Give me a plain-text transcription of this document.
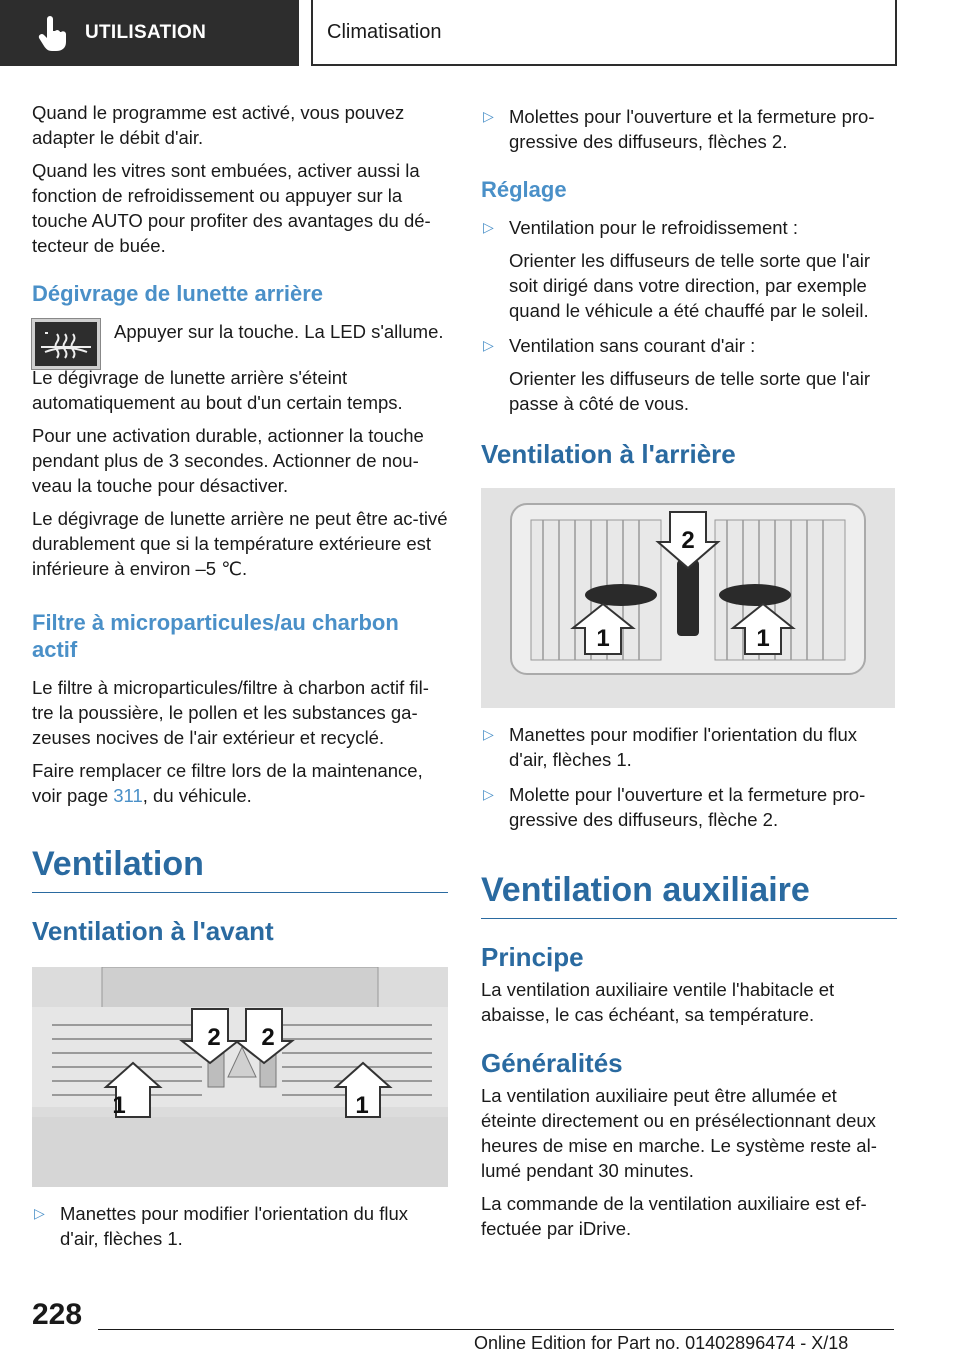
UTILISATION	Climatisation

Quand le programme est activé, vous pouvez adapter le débit d'air.

Quand les vitres sont embuées, activer aussi la fonction de refroidissement ou appuyer sur la touche AUTO pour profiter des avantages du dé-tecteur de buée.

Dégivrage de lunette arrière

Appuyer sur la touche. La LED s'allume.

Le dégivrage de lunette arrière s'éteint automatiquement au bout d'un certain temps.

Pour une activation durable, actionner la touche pendant plus de 3 secondes. Actionner de nou-veau la touche pour désactiver.

Le dégivrage de lunette arrière ne peut être ac-tivé durablement que si la température extérieure est inférieure à environ –5 ℃.

Filtre à microparticules/au charbon actif

Le filtre à microparticules/filtre à charbon actif fil-tre la poussière, le pollen et les substances ga-zeuses nocives de l'air extérieur et recyclé.

Faire remplacer ce filtre lors de la maintenance, voir page 311, du véhicule.

Ventilation
Ventilation à l'avant
2 2
1	1
▷ Manettes pour modifier l'orientation du flux d'air, flèches 1.
▷ Molettes pour l'ouverture et la fermeture pro-gressive des diffuseurs, flèches 2.
Réglage
▷ Ventilation pour le refroidissement :
Orienter les diffuseurs de telle sorte que l'air soit dirigé dans votre direction, par exemple quand le véhicule a été chauffé par le soleil.
▷ Ventilation sans courant d'air :
Orienter les diffuseurs de telle sorte que l'air passe à côté de vous.
Ventilation à l'arrière
2
1	1
▷ Manettes pour modifier l'orientation du flux d'air, flèches 1.
▷ Molette pour l'ouverture et la fermeture pro-gressive des diffuseurs, flèche 2.
Ventilation auxiliaire
Principe

La ventilation auxiliaire ventile l'habitacle et abaisse, le cas échéant, sa température.

Généralités

La ventilation auxiliaire peut être allumée et éteinte directement ou en présélectionnant deux heures de mise en marche. Le système reste al-lumé pendant 30 minutes.

La commande de la ventilation auxiliaire est ef-fectuée par iDrive.

228
Online Edition for Part no. 01402896474 - X/18
